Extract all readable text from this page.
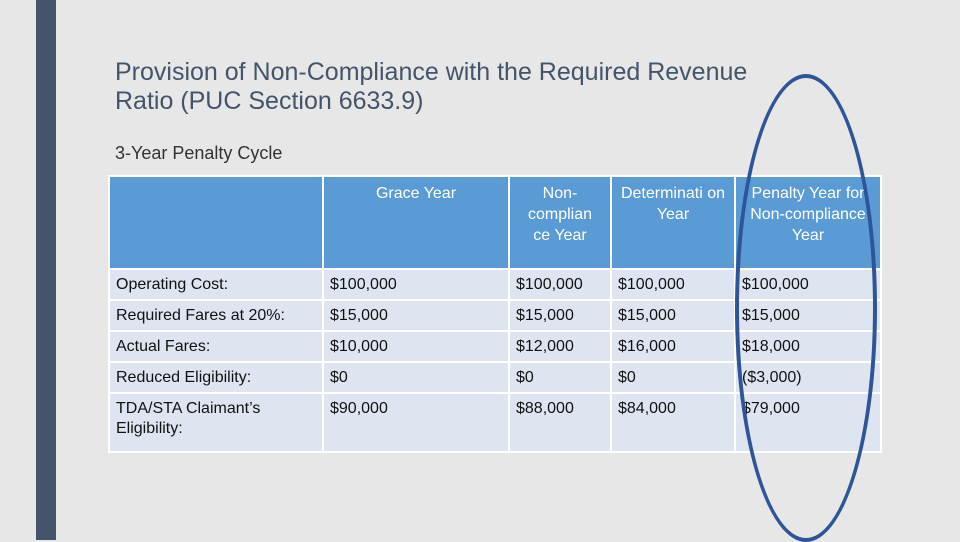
Provision of Non-Compliance with the Required Revenue
Ratio (PUC Section 6633.9)
3-Year Penalty Cycle
	Grace Year	Non-complian ce Year	Determinati on Year	Penalty Year for Non-compliance Year
Operating Cost:	$100,000	$100,000	$100,000	$100,000
Required Fares at 20%:	$15,000	$15,000	$15,000	$15,000
Actual Fares:	$10,000	$12,000	$16,000	$18,000
Reduced Eligibility:	$0	$0	$0	($3,000)
TDA/STA Claimant’s Eligibility:	$90,000	$88,000	$84,000	$79,000
